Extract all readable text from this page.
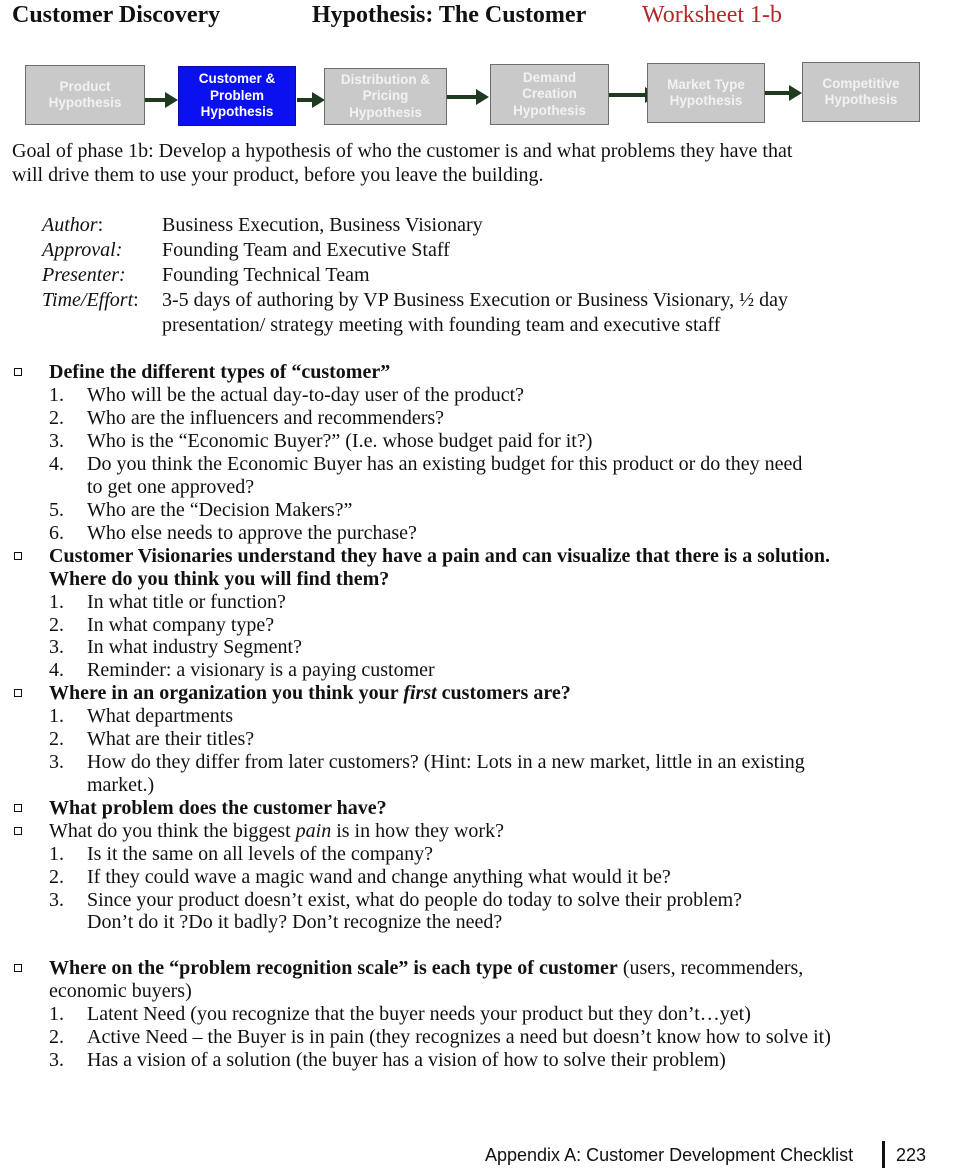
Customer Discovery	Hypothesis: The Customer Worksheet 1-b
Product
Hypothesis
Customer &
Problem
Hypothesis
Distribution &
Pricing
Hypothesis
Demand
Creation
Hypothesis
Market Type
Hypothesis
Competitive
Hypothesis
Goal of phase 1b: Develop a hypothesis of who the customer is and what problems they have that
will drive them to use your product, before you leave the building.
Author:	Business Execution, Business Visionary
Approval: Founding Team and Executive Staff
Presenter: Founding Technical Team
Time/Effort: 3-5 days of authoring by VP Business Execution or Business Visionary, ½ day
presentation/ strategy meeting with founding team and executive staff
Define the different types of “customer”
1. Who will be the actual day-to-day user of the product?
2. Who are the influencers and recommenders?
3. Who is the “Economic Buyer?” (I.e. whose budget paid for it?)
4. Do you think the Economic Buyer has an existing budget for this product or do they need
to get one approved?
5. Who are the “Decision Makers?”
6. Who else needs to approve the purchase?
Customer Visionaries understand they have a pain and can visualize that there is a solution.
Where do you think you will find them?
1. In what title or function?
2. In what company type?
3. In what industry Segment?
4. Reminder: a visionary is a paying customer
Where in an organization you think your first customers are?
1. What departments
2. What are their titles?
3. How do they differ from later customers? (Hint: Lots in a new market, little in an existing
market.)
What problem does the customer have?
What do you think the biggest pain is in how they work?
1. Is it the same on all levels of the company?
2. If they could wave a magic wand and change anything what would it be?
3. Since your product doesn’t exist, what do people do today to solve their problem?
Don’t do it ?Do it badly? Don’t recognize the need?
Where on the “problem recognition scale” is each type of customer (users, recommenders,
economic buyers)
1. Latent Need (you recognize that the buyer needs your product but they don’t…yet)
2. Active Need – the Buyer is in pain (they recognizes a need but doesn’t know how to solve it)
3. Has a vision of a solution (the buyer has a vision of how to solve their problem)
Appendix A: Customer Development Checklist 223
